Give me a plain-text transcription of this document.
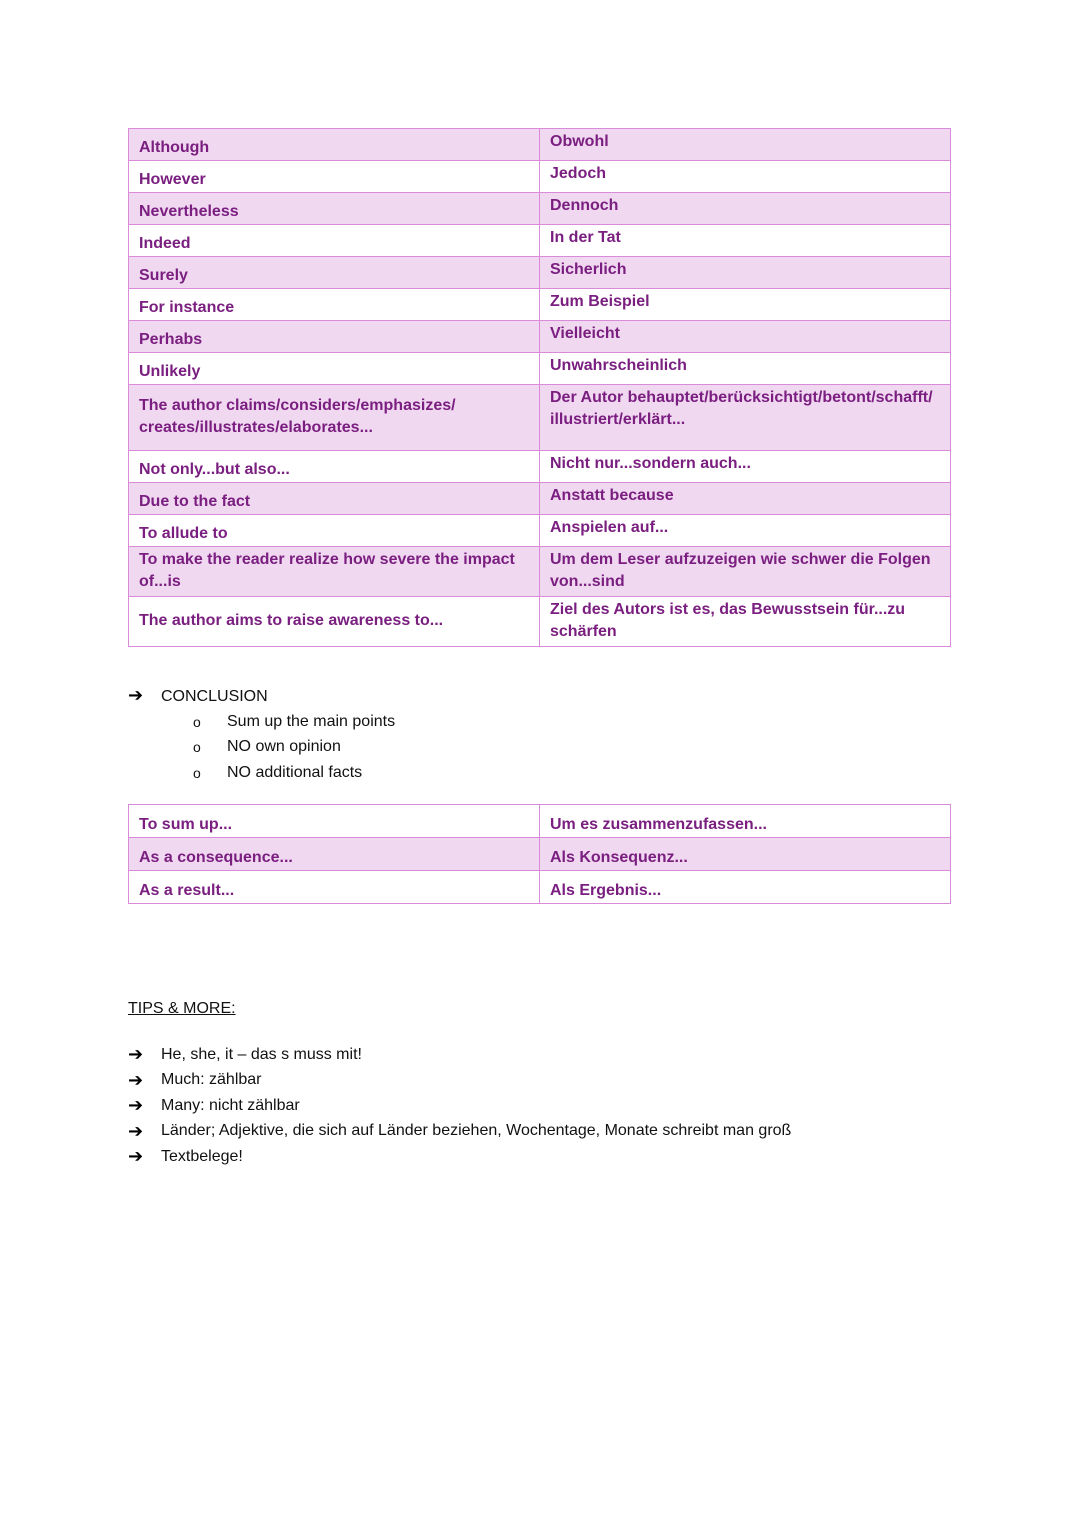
Although	Obwohl
However	Jedoch
Nevertheless	Dennoch
Indeed	In der Tat
Surely	Sicherlich
For instance	Zum Beispiel
Perhabs	Vielleicht
Unlikely	Unwahrscheinlich
The author claims/considers/emphasizes/ creates/illustrates/elaborates...	Der Autor behauptet/berücksichtigt/betont/schafft/ illustriert/erklärt...
Not only...but also...	Nicht nur...sondern auch...
Due to the fact	Anstatt because
To allude to	Anspielen auf...
To make the reader realize how severe the impact of...is	Um dem Leser aufzuzeigen wie schwer die Folgen von...sind
The author aims to raise awareness to...	Ziel des Autors ist es, das Bewusstsein für...zu schärfen
➔ CONCLUSION
o	Sum up the main points
o	NO own opinion
o	NO additional facts
To sum up...	Um es zusammenzufassen...
As a consequence...	Als Konsequenz...
As a result...	Als Ergebnis...
TIPS & MORE:
➔	He, she, it – das s muss mit!
➔	Much: zählbar
➔	Many: nicht zählbar
➔	Länder; Adjektive, die sich auf Länder beziehen, Wochentage, Monate schreibt man groß
➔	Textbelege!
